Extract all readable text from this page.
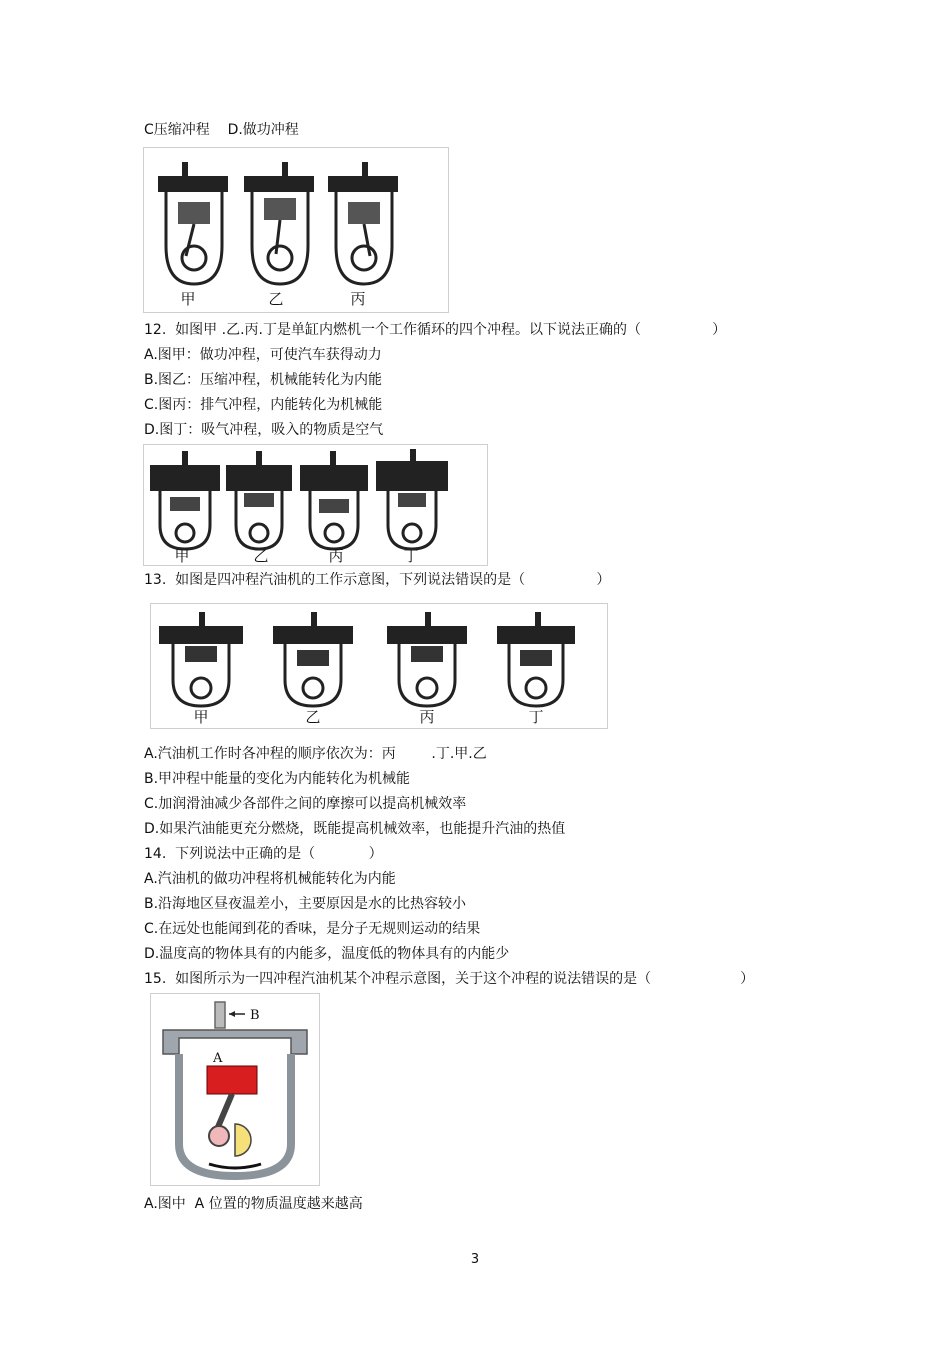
C压缩冲程    D.做功冲程
甲	乙	丙
12.  如图甲 .乙.丙.丁是单缸内燃机一个工作循环的四个冲程。以下说法正确的（                ）
A.图甲：做功冲程，可使汽车获得动力
B.图乙：压缩冲程，机械能转化为内能
C.图丙：排气冲程，内能转化为机械能
D.图丁：吸气冲程，吸入的物质是空气
甲	乙	丙	丁
13.  如图是四冲程汽油机的工作示意图，下列说法错误的是（                ）
甲	乙	丙	丁
A.汽油机工作时各冲程的顺序依次为：丙        .丁.甲.乙
B.甲冲程中能量的变化为内能转化为机械能
C.加润滑油减少各部件之间的摩擦可以提高机械效率
D.如果汽油能更充分燃烧，既能提高机械效率，也能提升汽油的热值
14.  下列说法中正确的是（            ）
A.汽油机的做功冲程将机械能转化为内能
B.沿海地区昼夜温差小，主要原因是水的比热容较小
C.在远处也能闻到花的香味，是分子无规则运动的结果
D.温度高的物体具有的内能多，温度低的物体具有的内能少
15.  如图所示为一四冲程汽油机某个冲程示意图，关于这个冲程的说法错误的是（                    ）
B
A
A.图中  A 位置的物质温度越来越高
3
